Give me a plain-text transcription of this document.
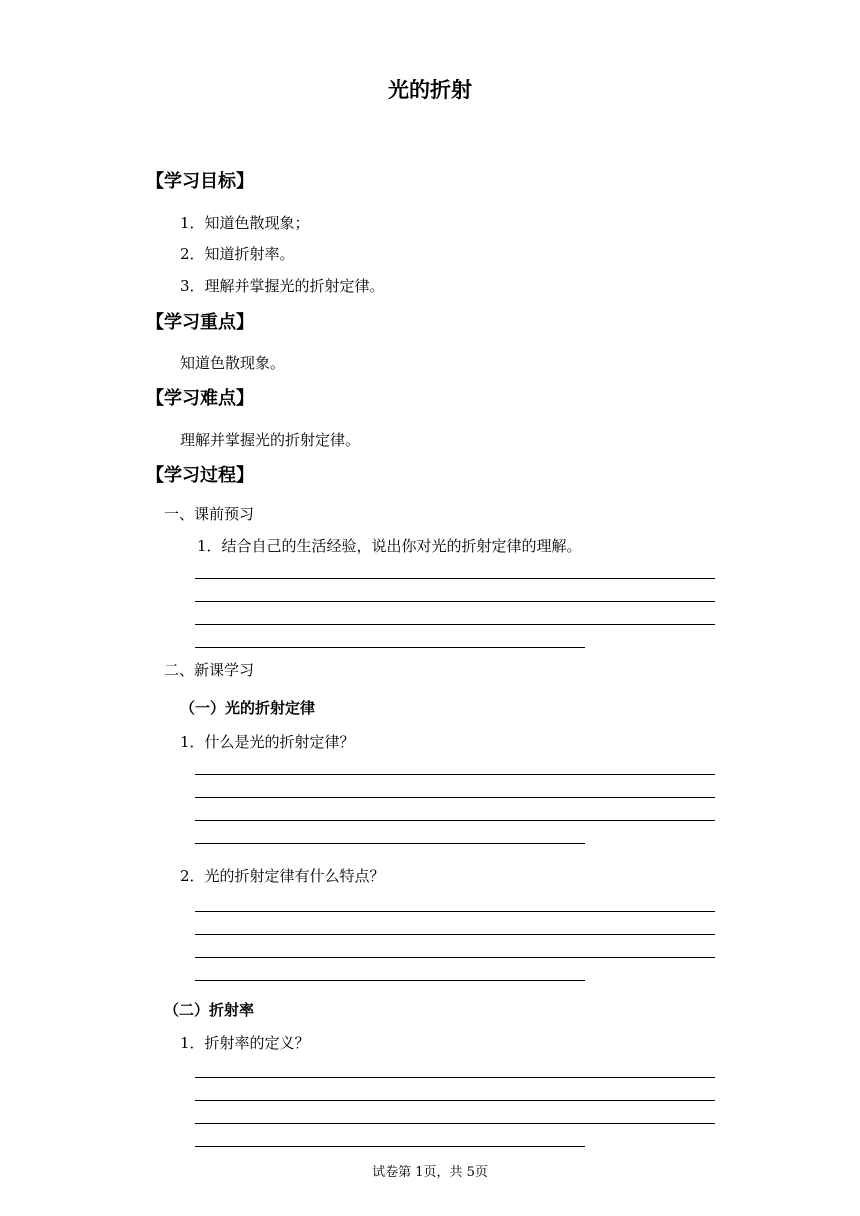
光的折射
【学习目标】
1．知道色散现象；
2．知道折射率。
3．理解并掌握光的折射定律。
【学习重点】
知道色散现象。
【学习难点】
理解并掌握光的折射定律。
【学习过程】
一、课前预习
1．结合自己的生活经验，说出你对光的折射定律的理解。
二、新课学习
（一）光的折射定律
1．什么是光的折射定律？
2．光的折射定律有什么特点？
（二）折射率
1．折射率的定义？
试卷第 1页，共 5页
